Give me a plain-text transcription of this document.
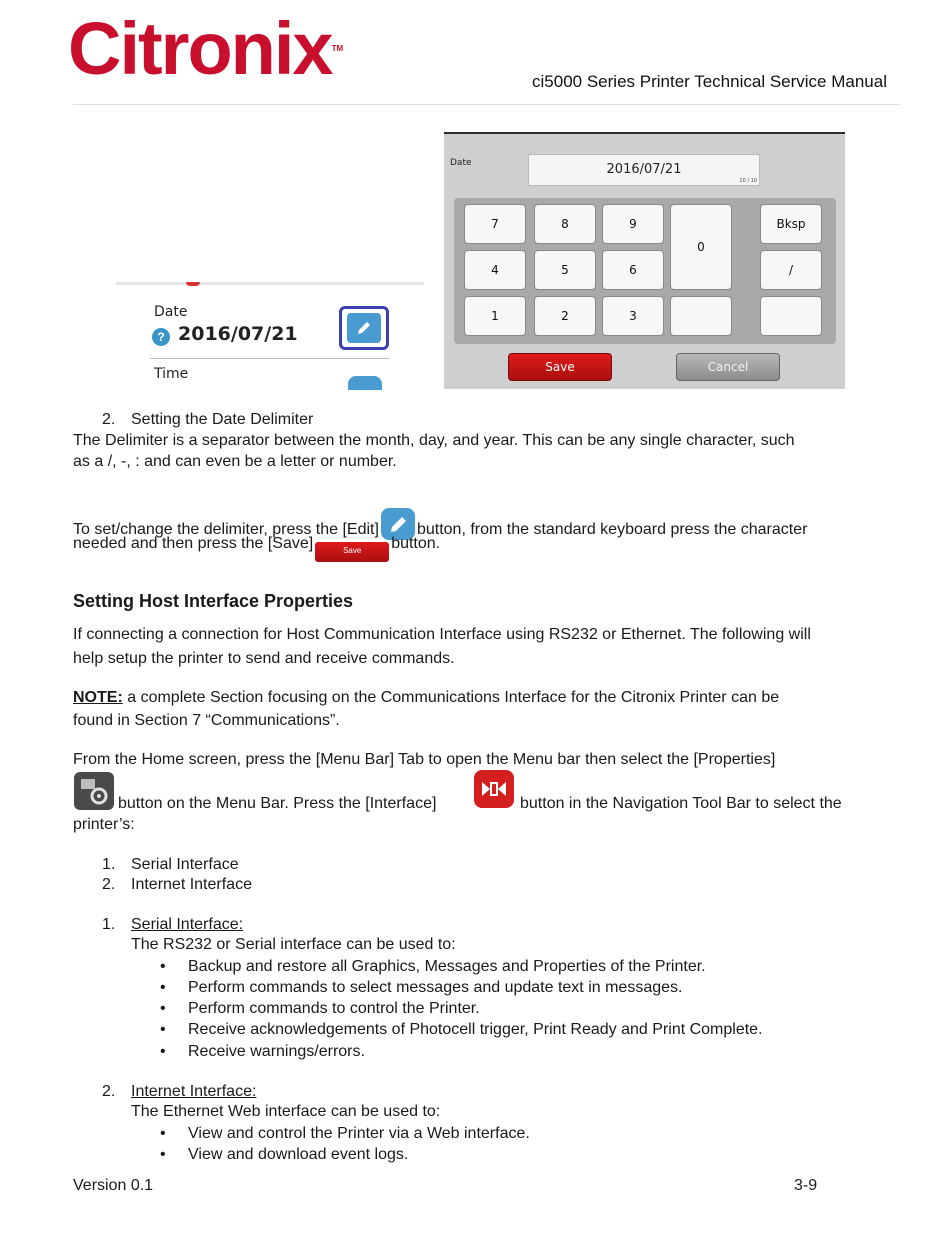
CitronixTM
ci5000 Series Printer Technical Service Manual
Date
? 2016/07/21
Time
Date	2016/07/21
10 / 10
7	8	9
0
Bksp
4	5	6	/
1	2	3
Save	Cancel
2. Setting the Date Delimiter
The Delimiter is a separator between the month, day, and year. This can be any single character, such
as a /, -, : and can even be a letter or number.
To set/change the delimiter, press the [Edit] button, from the standard keyboard press the character
needed and then press the [Save]	Save button.
Setting Host Interface Properties
If connecting a connection for Host Communication Interface using RS232 or Ethernet. The following will
help setup the printer to send and receive commands.
NOTE: a complete Section focusing on the Communications Interface for the Citronix Printer can be
found in Section 7 “Communications”.
From the Home screen, press the [Menu Bar] Tab to open the Menu bar then select the [Properties]
button on the Menu Bar. Press the [Interface]	button in the Navigation Tool Bar to select the
printer’s:
1. Serial Interface
2. Internet Interface
1. Serial Interface:
The RS232 or Serial interface can be used to:
• Backup and restore all Graphics, Messages and Properties of the Printer.
• Perform commands to select messages and update text in messages.
• Perform commands to control the Printer.
• Receive acknowledgements of Photocell trigger, Print Ready and Print Complete.
• Receive warnings/errors.
2. Internet Interface:
The Ethernet Web interface can be used to:
• View and control the Printer via a Web interface.
• View and download event logs.
Version 0.1	3-9
